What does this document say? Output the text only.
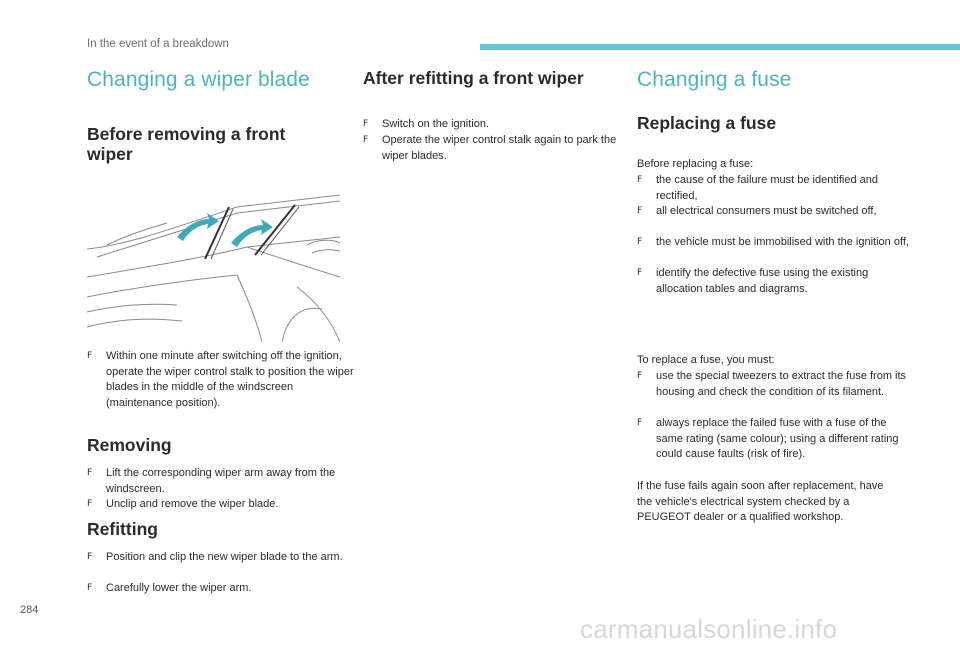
In the event of a breakdown
Changing a wiper blade
Before removing a front wiper
F Within one minute after switching off the ignition, operate the wiper control stalk to position the wiper blades in the middle of the windscreen (maintenance position).
Removing
F Lift the corresponding wiper arm away from the windscreen.
F Unclip and remove the wiper blade.
Refitting
F Position and clip the new wiper blade to the arm.
F Carefully lower the wiper arm.
After refitting a front wiper
F Switch on the ignition.
F Operate the wiper control stalk again to park the wiper blades.
Changing a fuse
Replacing a fuse

Before replacing a fuse:

F the cause of the failure must be identified and rectified,
F all electrical consumers must be switched off,
F the vehicle must be immobilised with the ignition off,
F identify the defective fuse using the existing allocation tables and diagrams.

To replace a fuse, you must:

F use the special tweezers to extract the fuse from its housing and check the condition of its filament.
F always replace the failed fuse with a fuse of the same rating (same colour); using a different rating could cause faults (risk of fire).

If the fuse fails again soon after replacement, have the vehicle's electrical system checked by a PEUGEOT dealer or a qualified workshop.

284
carmanualsonline.info
